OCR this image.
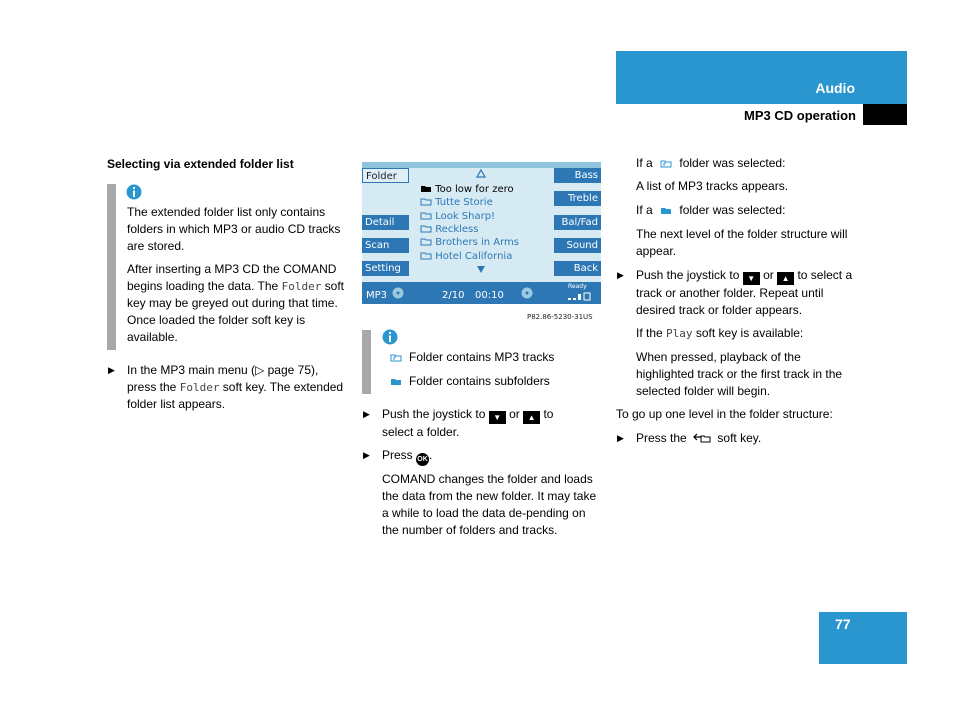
Audio
MP3 CD operation
77
Selecting via extended folder list
The extended folder list only contains folders in which MP3 or audio CD tracks are stored.
After inserting a MP3 CD the COMAND begins loading the data. The Folder soft key may be greyed out during that time. Once loaded the folder soft key is available.
▶ In the MP3 main menu (▷ page 75), press the Folder soft key. The extended folder list appears.
Folder
Detail
Scan
Setting
Bass
Treble
Bal/Fad
Sound
Back
Too low for zero
Tutte Storie
Look Sharp!
Reckless
Brothers in Arms
Hotel California
MP3	2/10 00:10
Ready
P82.86-5230-31US
Folder contains MP3 tracks
Folder contains subfolders
▶ Push the joystick to ▼ or ▲ to
select a folder.
▶ Press OK.
COMAND changes the folder and loads the data from the new folder. It may take a while to load the data de-pending on the number of folders and tracks.
If a folder was selected:
A list of MP3 tracks appears.
If a folder was selected:
The next level of the folder structure will appear.
▶ Push the joystick to ▼ or ▲ to select a track or another folder. Repeat until desired track or folder appears.
If the Play soft key is available:
When pressed, playback of the highlighted track or the first track in the selected folder will begin.
To go up one level in the folder structure:
▶ Press the	soft key.
